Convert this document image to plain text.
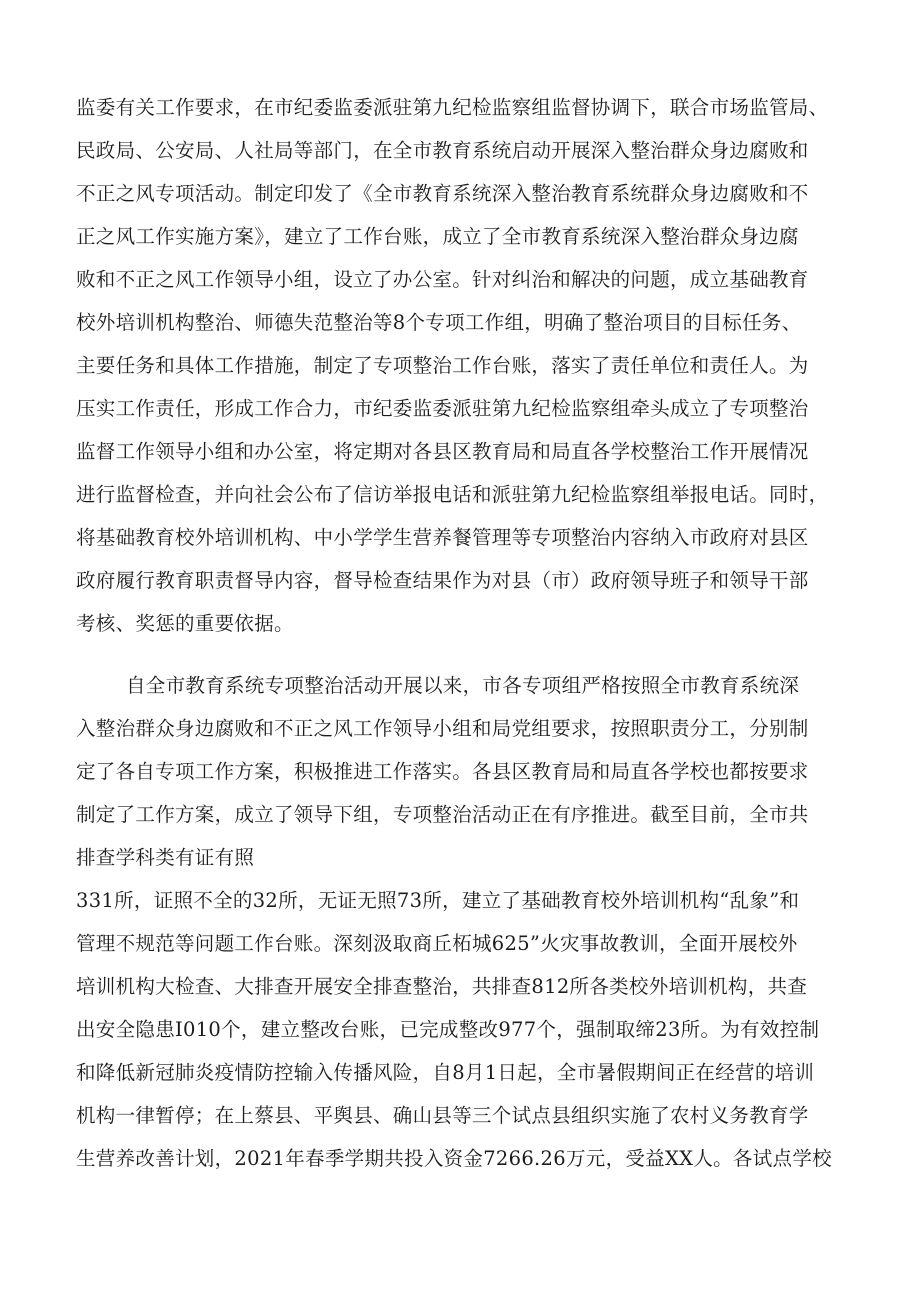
监委有关工作要求，在市纪委监委派驻第九纪检监察组监督协调下，联合市场监管局、
民政局、公安局、人社局等部门，在全市教育系统启动开展深入整治群众身边腐败和
不正之风专项活动。制定印发了《全市教育系统深入整治教育系统群众身边腐败和不
正之风工作实施方案》，建立了工作台账，成立了全市教育系统深入整治群众身边腐
败和不正之风工作领导小组，设立了办公室。针对纠治和解决的问题，成立基础教育
校外培训机构整治、师德失范整治等8个专项工作组，明确了整治项目的目标任务、
主要任务和具体工作措施，制定了专项整治工作台账，落实了责任单位和责任人。为
压实工作责任，形成工作合力，市纪委监委派驻第九纪检监察组牵头成立了专项整治
监督工作领导小组和办公室，将定期对各县区教育局和局直各学校整治工作开展情况
进行监督检查，并向社会公布了信访举报电话和派驻第九纪检监察组举报电话。同时，
将基础教育校外培训机构、中小学学生营养餐管理等专项整治内容纳入市政府对县区
政府履行教育职责督导内容，督导检查结果作为对县（市）政府领导班子和领导干部
考核、奖惩的重要依据。
自全市教育系统专项整治活动开展以来，市各专项组严格按照全市教育系统深
入整治群众身边腐败和不正之风工作领导小组和局党组要求，按照职责分工，分别制
定了各自专项工作方案，积极推进工作落实。各县区教育局和局直各学校也都按要求
制定了工作方案，成立了领导下组，专项整治活动正在有序推进。截至目前，全市共
排查学科类有证有照
331所，证照不全的32所，无证无照73所，建立了基础教育校外培训机构“乱象”和
管理不规范等问题工作台账。深刻汲取商丘柘城625”火灾事故教训，全面开展校外
培训机构大检查、大排查开展安全排查整治，共排查812所各类校外培训机构，共查
出安全隐患I010个，建立整改台账，已完成整改977个，强制取缔23所。为有效控制
和降低新冠肺炎疫情防控输入传播风险，自8月1日起，全市暑假期间正在经营的培训
机构一律暂停；在上蔡县、平舆县、确山县等三个试点县组织实施了农村义务教育学
生营养改善计划，2021年春季学期共投入资金7266.26万元，受益XX人。各试点学校
